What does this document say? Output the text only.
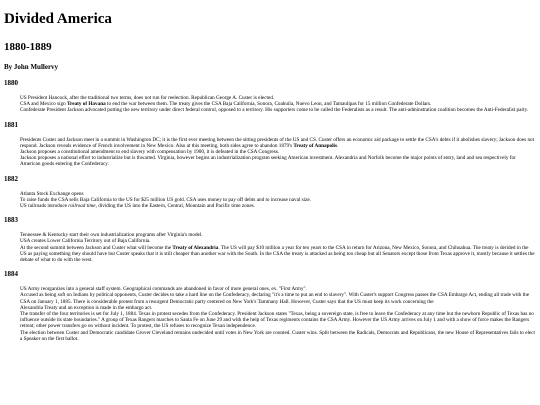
Divided America
1880-1889
By John Mullervy
1880
US President Hancock, after the traditional two terms, does not run for reelection. Republican George A. Custer is elected.
CSA and Mexico sign Treaty of Havana to end the war between them. The treaty gives the CSA Baja California, Sonora, Coahuila, Nuevo Leon, and Tamaulipas for 15 million Confederate Dollars.
Confederate President Jackson advocated putting the new territory under direct federal control, opposed to a territory. His supporters come to be called the Federalists as a result. The anti-adminstration coalition becomes the Anti-Federalist party.
1881
Presidents Custer and Jackson meet in a summit in Washington DC; it is the first ever meeting between the sitting presidents of the US and CS. Custer offers an economic aid package to settle the CSA's debts if it abolishes slavery; Jackson does not respond. Jackson reveals evidence of French involvement in New Mexico. Also at this meeting, both sides agree to abandon 1879's Treaty of Annapolis.
Jackson proposes a constitutional amendment to end slavery with compensation by 1900, it is defeated in the CSA Congress.
Jackson proposes a national effort to industrialize but is thwarted. Virginia, however begins an industrialization program seeking American investment. Alexandria and Norfolk become the major points of entry, land and sea respectively for American goods entering the Confederacy.
1882
Atlanta Stock Exchange opens
To raise funds the CSA sells Baja California to the US for $25 million US gold. CSA uses money to pay off debts and to increase naval size.
US railroads introduce railroad time, dividing the US into the Eastern, Central, Mountain and Pacific time zones.
1883
Tennessee & Kentucky start their own industrialization programs after Virginia's model.
USA creates Lower California Territory out of Baja California.
At the second summit between Jackson and Custer what will become the Treaty of Alexandria. The US will pay $10 million a year for ten years to the CSA in return for Arizona, New Mexico, Sonora, and Chihuahua. The treaty is derided in the US as paying something they should have but Custer speaks that it is still cheaper than another war with the South. In the CSA the treaty is attacked as being too cheap but all Senators except those from Texas approve it, mostly because it settles the debate of what to do with the west.
1884
US Army reorganizes into a general staff system. Geographical commands are abandoned in favor of more general ones, ex. "First Army".
Accused as being soft on Indians by political opponents, Custer decides to take a hard line on the Confederacy, declaring "it's a time to put an end to slavery". With Custer's support Congress passes the CSA Embargo Act, ending all trade with the CSA on January 1, 1885. There is considerable protest from a resurgent Democratic party centered on New York's Tammany Hall. However, Custer says that the US must keep its work concerning the
Alexandria Treaty and an exception is made in the embargo act.
The transfer of the four territories is set for July 1, 1884. Texas in protest secedes from the Confederacy. President Jackson states "Texas, being a sovereign state, is free to leave the Confederacy at any time but the newborn Republic of Texas has no influence outside its state boundaries." A group of Texas Rangers marches to Santa Fe on June 29 and with the help of Texas regiments contains the CSA Army. However the US Army arrives on July 1 and with a show of force makes the Rangers retreat; other power transfers go on without incident. To protest, the US refuses to recognize Texan independence.
The election between Custer and Democratic candidate Grover Cleveland remains undecided until votes in New York are counted. Custer wins. Split between the Radicals, Democrats and Republicans, the new House of Representatives fails to elect a Speaker on the first ballot.
